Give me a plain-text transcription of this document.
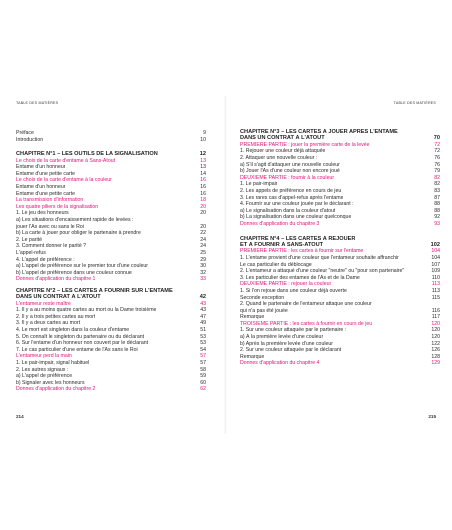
TABLE DES MATIÈRES
Préface	9
Introduction	10
CHAPITRE N°1 – LES OUTILS DE LA SIGNALISATION	12
Le choix de la carte d'entame à Sans-Atout	13
Entame d'un honneur	13
Entame d'une petite carte	14
Le choix de la carte d'entame à la couleur	16
Entame d'un honneur	16
Entame d'une petite carte	16
La transmission d'information	18
Les quatre piliers de la signalisation	20
1. Le jeu des honneurs	20
a) Les situations d'encaissement rapide de levées :
jouer l'As avec ou sans le Roi	20
b) La carte à jouer pour obliger le partenaire à prendre	22
2. Le parité	24
3. Comment donner le parité ?	24
L'appel-refus	25
4. L'appel de préférence :	29
a) L'appel de préférence sur le premier tour d'une couleur	30
b) L'appel de préférence dans une couleur connue	32
Donnes d'application du chapitre 1	33
CHAPITRE N°2 – LES CARTES À FOURNIR SUR L'ENTAME
DANS UN CONTRAT À L'ATOUT	42
L'entameur reste maître	43
1. Il y a au moins quatre cartes au mort ou la Dame troisième	43
2. Il y a trois petites cartes au mort	47
3. Il y a deux cartes au mort	49
4. Le mort est singleton dans la couleur d'entame	51
5. On connaît le singleton du partenaire ou du déclarant	53
6. Sur l'entame d'un honneur non couvert par le déclarant	53
7. Le cas particulier d'une entame de l'As sans le Roi	54
L'entameur perd la main	57
1. Le pair-impair, signal habituel	57
2. Les autres signaux :	58
a) L'appel de préférence	59
b) Signaler avec les honneurs	60
Donnes d'application du chapitre 2	62
214
TABLE DES MATIÈRES
CHAPITRE N°3 – LES CARTES À JOUER APRÈS L'ENTAME
DANS UN CONTRAT À L'ATOUT	70
PREMIÈRE PARTIE : jouer la première carte de la levée	72
1. Rejouer une couleur déjà attaquée	72
2. Attaquer une nouvelle couleur :	76
a) S'il s'agit d'attaquer une nouvelle couleur	76
b) Jouer l'As d'une couleur non encore joué	79
DEUXIÈME PARTIE : fournir à la couleur	82
1. Le pair-impair	82
2. Les appels de préférence en cours de jeu	83
3. Les rares cas d'appel-refus après l'entame	87
4. Fournir sur une couleur jouée par le déclarant :	88
a) Le signalisation dans la couleur d'atout	88
b) La signalisation dans une couleur quelconque	92
Donnes d'application du chapitre 3	93
CHAPITRE N°4 – LES CARTES À REJOUER
ET À FOURNIR À SANS-ATOUT	102
PREMIÈRE PARTIE : les cartes à fournir sur l'entame	104
1. L'entame provient d'une couleur que l'entameur souhaite affranchir	104
Le cas particulier du déblocage	107
2. L'entameur a attaqué d'une couleur "neutre" ou "pour son partenaire"	109
3. Les particulier des entames de l'As et de la Dame	110
DEUXIÈME PARTIE : rejouer la couleur	113
1. Si l'on rejoue dans une couleur déjà ouverte	113
Seconde exception	115
2. Quand le partenaire de l'entameur attaque une couleur
qui n'a pas été jouée	116
Remarque	117
TROISIÈME PARTIE : les cartes à fournir en cours de jeu	120
1. Sur une couleur attaquée par le partenaire :	120
a) À la première levée d'une couleur	120
b) Après la première levée d'une couleur	122
2. Sur une couleur attaquée par le déclarant	126
Remarque	128
Donnes d'application du chapitre 4	129
215
